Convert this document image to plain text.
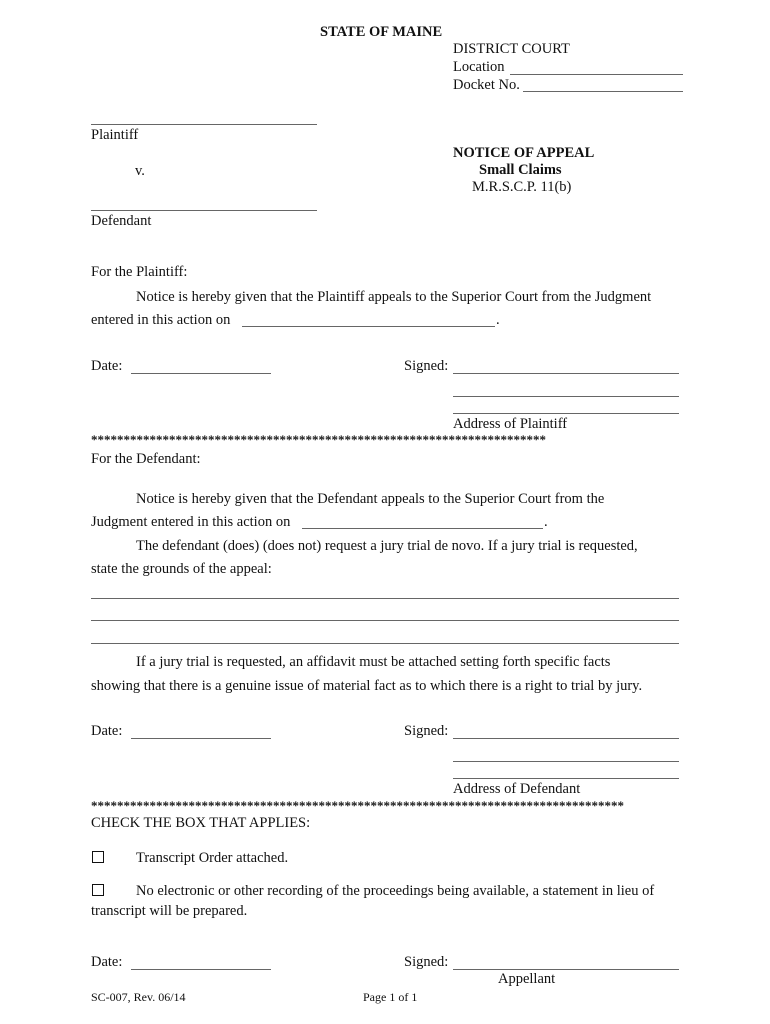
STATE OF MAINE
DISTRICT COURT
Location
Docket No.
Plaintiff
v.
Defendant
NOTICE OF APPEAL
Small Claims
M.R.S.C.P. 11(b)
For the Plaintiff:
Notice is hereby given that the Plaintiff appeals to the Superior Court from the Judgment
entered in this action on	.
Date:	Signed:
Address of Plaintiff
**********************************************************************
For the Defendant:
Notice is hereby given that the Defendant appeals to the Superior Court from the
Judgment entered in this action on	.
The defendant (does) (does not) request a jury trial de novo. If a jury trial is requested,
state the grounds of the appeal:
If a jury trial is requested, an affidavit must be attached setting forth specific facts
showing that there is a genuine issue of material fact as to which there is a right to trial by jury.
Date:	Signed:
Address of Defendant
**********************************************************************************
CHECK THE BOX THAT APPLIES:
Transcript Order attached.
No electronic or other recording of the proceedings being available, a statement in lieu of
transcript will be prepared.
Date:	Signed:
Appellant
SC-007, Rev. 06/14	Page 1 of 1
